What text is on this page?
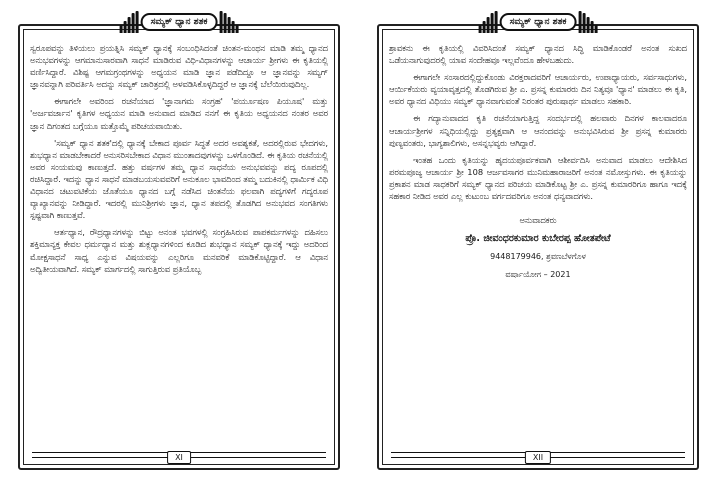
ಸಮ್ಯಕ್ ಧ್ಯಾನ ಶತಕ

ಸ್ವರೂಪವನ್ನು ತಿಳಿಯಲು ಪ್ರಯತ್ನಿಸಿ ಸಮ್ಯಕ್ ಧ್ಯಾನಕ್ಕೆ ಸಂಬಂಧಿಸಿದಂತೆ ಚಿಂತನ-ಮಂಥನ ಮಾಡಿ ತಮ್ಮ ಧ್ಯಾನದ ಅನುಭವಗಳನ್ನು ಆಗಮಾನುಸಾರವಾಗಿ ಸಾಧನೆ ಮಾಡಿರುವ ವಿಧಿ-ವಿಧಾನಗಳನ್ನು ಆಚಾರ್ಯ ಶ್ರೀಗಳು ಈ ಕೃತಿಯಲ್ಲಿ ವರ್ಣಿಸಿದ್ದಾರೆ. ವಿಶಿಷ್ಟ ಆಗಮಗ್ರಂಥಗಳನ್ನು ಅಧ್ಯಯನ ಮಾಡಿ ಜ್ಞಾನ ಪಡೆದಿದ್ದೂ ಆ ಜ್ಞಾನವನ್ನು ಸಮ್ಯಗ್ ಜ್ಞಾನವನ್ನಾಗಿ ಪರಿವರ್ತಿಸಿ ಅದನ್ನು ಸಮ್ಯಕ್ ಚಾರಿತ್ರದಲ್ಲಿ ಅಳವಡಿಸಿಕೊಳ್ಳದಿದ್ದರೆ ಆ ಜ್ಞಾನಕ್ಕೆ ಬೆಲೆಯಿರುವುದಿಲ್ಲ.

ಈಗಾಗಲೇ ಅವರಿಂದ ರಚನೆಯಾದ 'ಜ್ಞಾನಾಗಮ ಸಂಗ್ರಹ' 'ಪರ್ಯೂಷಣ ಪಿಯೂಷ' ಮತ್ತು 'ಅರ್ಜವರ್ಜಾನ' ಕೃತಿಗಳ ಅಧ್ಯಯನ ಮಾಡಿ ಅನುವಾದ ಮಾಡಿದ ನನಗೆ ಈ ಕೃತಿಯ ಅಧ್ಯಯನದ ನಂತರ ಅವರ ಜ್ಞಾನ ದಿಗಂತದ ಬಗ್ಗೆಯೂ ಮತ್ತೊಮ್ಮೆ ಪರಿಚಯವಾಯಿತು.

'ಸಮ್ಯಕ್ ಧ್ಯಾನ ಶತಕ'ದಲ್ಲಿ ಧ್ಯಾನಕ್ಕೆ ಬೇಕಾದ ಪೂರ್ವ ಸಿದ್ಧತೆ ಅದರ ಅವಶ್ಯಕತೆ, ಅದರಲ್ಲಿರುವ ಭೇದಗಳು, ಶುಭಧ್ಯಾನ ಮಾಡಬೇಕಾದರೆ ಅನುಸರಿಸಬೇಕಾದ ವಿಧಾನ ಮುಂತಾದವುಗಳನ್ನು ಒಳಗೊಂಡಿದೆ. ಈ ಕೃತಿಯ ರಚನೆಯಲ್ಲಿ ಅವರ ಸಂಯಮವು ಕಾಣುತ್ತದೆ. ಹತ್ತು ವರ್ಷಗಳ ತಮ್ಮ ಧ್ಯಾನ ಸಾಧನೆಯ ಅನುಭವವನ್ನು ಪದ್ಯ ರೂಪದಲ್ಲಿ ರಚಿಸಿದ್ದಾರೆ. ಇದನ್ನು ಧ್ಯಾನ ಸಾಧನೆ ಮಾಡಬಯಸುವವರಿಗೆ ಅನುಕೂಲ ಭಾವದಿಂದ ತಮ್ಮ ಬದುಕಿನಲ್ಲಿ ಧಾರ್ಮಿಕ ವಿಧಿ ವಿಧಾನದ ಚಟುವಟಿಕೆಯ ಜೊತೆಯೂ ಧ್ಯಾನದ ಬಗ್ಗೆ ನಡೆಸಿದ ಚಿಂತನೆಯ ಫಲವಾಗಿ ಪದ್ಯಗಳಿಗೆ ಗದ್ಯರೂಪ ವ್ಯಾಖ್ಯಾನವನ್ನು ನೀಡಿದ್ದಾರೆ. ಇದರಲ್ಲಿ ಮುನಿಶ್ರೀಗಳು ಜ್ಞಾನ, ಧ್ಯಾನ ತಪದಲ್ಲಿ ತೊಡಗಿದ ಅನುಭವದ ಸಂಗತಿಗಳು ಸ್ಪಷ್ಟವಾಗಿ ಕಾಣುತ್ತವೆ.

ಆರ್ತಧ್ಯಾನ, ರೌದ್ರಧ್ಯಾನಗಳನ್ನು ಬಿಟ್ಟು ಅನಂತ ಭವಗಳಲ್ಲಿ ಸಂಗ್ರಹಿಸಿರುವ ಪಾಪಕರ್ಮಗಳನ್ನು ದಹಿಸಲು ಶಕ್ತಿಮಾನ್ಯಕ್ತ ಕೇವಲ ಧರ್ಮಧ್ಯಾನ ಮತ್ತು ಶುಕ್ಲಧ್ಯಾನಗಳಿಂದ ಕೂಡಿದ ಶುಭಧ್ಯಾನ ಸಮ್ಯಕ್ ಧ್ಯಾನಕ್ಕೆ ಇದ್ದು ಅದರಿಂದ ಮೋಕ್ಷಸಾಧನೆ ಸಾಧ್ಯ ಎನ್ನುವ ವಿಷಯವನ್ನು ಎಲ್ಲರಿಗೂ ಮನವರಿಕೆ ಮಾಡಿಕೊಟ್ಟಿದ್ದಾರೆ. ಆ ವಿಧಾನ ಅದ್ವಿತೀಯವಾಗಿದೆ. ಸಮ್ಯಕ್ ಮಾರ್ಗದಲ್ಲಿ ಸಾಗುತ್ತಿರುವ ಪ್ರತಿಯೊಬ್ಬ

XI
ಸಮ್ಯಕ್ ಧ್ಯಾನ ಶತಕ

ಶ್ರಾವಕನು ಈ ಕೃತಿಯಲ್ಲಿ ವಿವರಿಸಿದಂತೆ ಸಮ್ಯಕ್ ಧ್ಯಾನದ ಸಿದ್ಧಿ ಮಾಡಿಕೊಂಡರೆ ಅನಂತ ಸುಖದ ಒಡೆಯನಾಗುವುದರಲ್ಲಿ ಯಾವ ಸಂದೇಹವೂ ಇಲ್ಲವೆಂದೂ ಹೇಳಬಹುದು.

ಈಗಾಗಲೇ ಸಂಸಾರದಲ್ಲಿದ್ದುಕೊಂಡು ವಿರಕ್ತರಾದವರಿಗೆ ಆಚಾರ್ಯರು, ಉಪಾಧ್ಯಾಯರು, ಸರ್ವಸಾಧುಗಳು, ಆರ್ಯಿಕೆಯರು ವ್ಯಯಾವೃತ್ತದಲ್ಲಿ ತೊಡಗಿರುವ ಶ್ರೀ ಎ. ಪ್ರಸನ್ನ ಕುಮಾರರು ದಿನ ನಿತ್ಯವೂ 'ಧ್ಯಾನ' ಮಾಡಲು ಈ ಕೃತಿ, ಅವರ ಧ್ಯಾನದ ವಿಧಿಯು ಸಮ್ಯಕ್ ಧ್ಯಾನವಾಗುವಂತೆ ನಿರಂತರ ಪುರುಷಾರ್ಥ ಮಾಡಲು ಸಹಕಾರಿ.

ಈ ಗದ್ಯಾನುವಾದದ ಕೃತಿ ರಚನೆಯಾಗುತ್ತಿದ್ದ ಸಂದರ್ಭದಲ್ಲಿ ಹಲವಾರು ದಿನಗಳ ಕಾಲವಾದರೂ ಆಚಾರ್ಯಶ್ರೀಗಳ ಸನ್ನಿಧಿಯಲ್ಲಿದ್ದು ಪ್ರತ್ಯಕ್ಷವಾಗಿ ಆ ಆನಂದವನ್ನು ಅನುಭವಿಸಿರುವ ಶ್ರೀ ಪ್ರಸನ್ನ ಕುಮಾರರು ಪುಣ್ಯವಂತರು, ಭಾಗ್ಯಶಾಲಿಗಳು, ಅಸನ್ನಭವ್ಯರು ಆಗಿದ್ದಾರೆ.

ಇಂತಹ ಒಂದು ಕೃತಿಯನ್ನು ಹೃದಯಪೂರ್ವಕವಾಗಿ ಆಶೀರ್ವದಿಸಿ ಅನುವಾದ ಮಾಡಲು ಆದೇಶಿಸಿದ ಪರಮಪೂಜ್ಯ ಆಚಾರ್ಯ ಶ್ರೀ 108 ಆರ್ಜವಸಾಗರ ಮುನಿಮಹಾರಾಜರಿಗೆ ಅನಂತ ನಮೋಸ್ತುಗಳು. ಈ ಕೃತಿಯನ್ನು ಪ್ರಕಾಶನ ಮಾಡ ಸಾಧಕರಿಗೆ ಸಮ್ಯಕ್ ಧ್ಯಾನದ ಪರಿಚಯ ಮಾಡಿಕೊಟ್ಟ ಶ್ರೀ ಎ. ಪ್ರಸನ್ನ ಕುಮಾರರಿಗೂ ಹಾಗೂ ಇದಕ್ಕೆ ಸಹಕಾರ ನೀಡಿದ ಅವರ ಎಲ್ಲ ಕುಟುಂಬ ವರ್ಗದವರಿಗೂ ಅನಂತ ಧನ್ಯವಾದಗಳು.

ಅನುವಾದಕರು

ಪ್ರೊ. ಜೀವಂಧರಕುಮಾರ ಕುಬೇರಪ್ಪ ಹೋತಪೇಟೆ

9448179946, ಶ್ರವಣಬೆಳಗೊಳ

ವರ್ಷಾಯೋಗ – 2021

XII
